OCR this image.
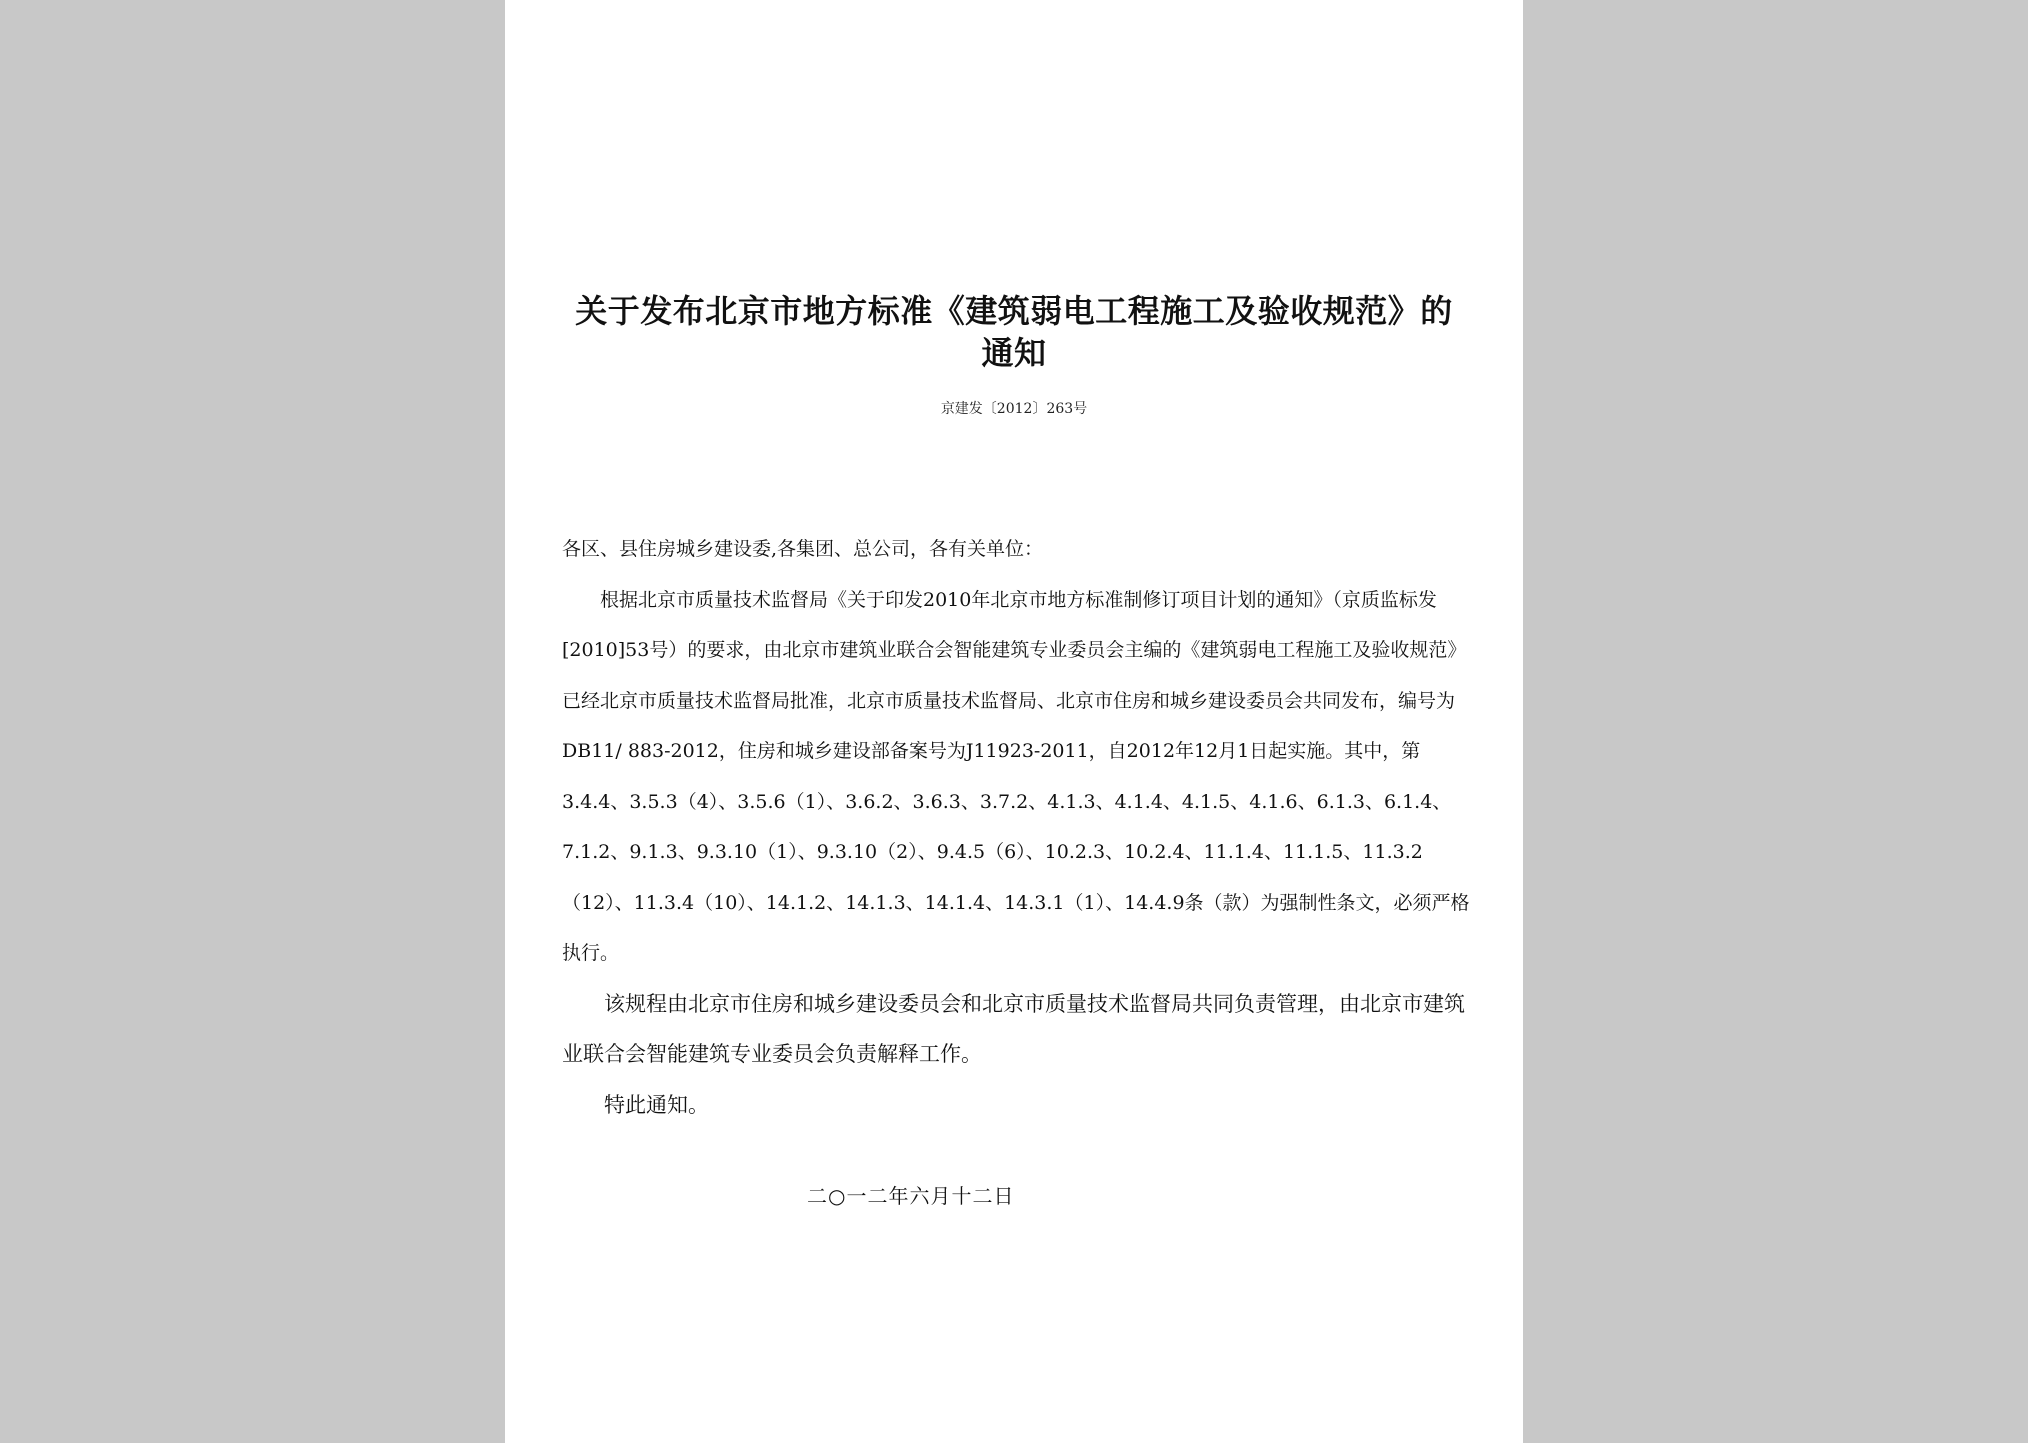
关于发布北京市地方标准《建筑弱电工程施工及验收规范》的通知
京建发〔2012〕263号

各区、县住房城乡建设委,各集团、总公司，各有关单位：

根据北京市质量技术监督局《关于印发2010年北京市地方标准制修订项目计划的通知》（京质监标发[2010]53号）的要求，由北京市建筑业联合会智能建筑专业委员会主编的《建筑弱电工程施工及验收规范》已经北京市质量技术监督局批准，北京市质量技术监督局、北京市住房和城乡建设委员会共同发布，编号为DB11/ 883-2012，住房和城乡建设部备案号为J11923-2011，自2012年12月1日起实施。其中，第3.4.4、3.5.3（4）、3.5.6（1）、3.6.2、3.6.3、3.7.2、4.1.3、4.1.4、4.1.5、4.1.6、6.1.3、6.1.4、7.1.2、9.1.3、9.3.10（1）、9.3.10（2）、9.4.5（6）、10.2.3、10.2.4、11.1.4、11.1.5、11.3.2（12）、11.3.4（10）、14.1.2、14.1.3、14.1.4、14.3.1（1）、14.4.9条（款）为强制性条文，必须严格执行。

该规程由北京市住房和城乡建设委员会和北京市质量技术监督局共同负责管理，由北京市建筑业联合会智能建筑专业委员会负责解释工作。

特此通知。

二○一二年六月十二日
